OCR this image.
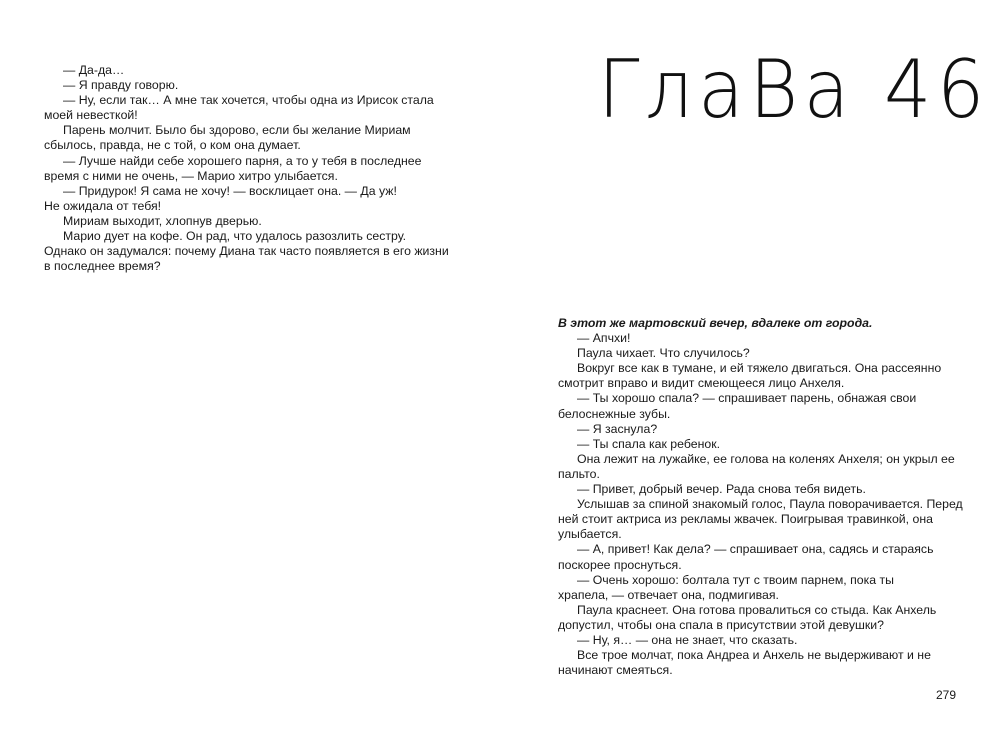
— Да-да…
— Я правду говорю.
— Ну, если так… А мне так хочется, чтобы одна из Ирисок стала
моей невесткой!
Парень молчит. Было бы здорово, если бы желание Мириам
сбылось, правда, не с той, о ком она думает.
— Лучше найди себе хорошего парня, а то у тебя в последнее
время с ними не очень, — Марио хитро улыбается.
— Придурок! Я сама не хочу! — восклицает она. — Да уж!
Не ожидала от тебя!
Мириам выходит, хлопнув дверью.
Марио дует на кофе. Он рад, что удалось разозлить сестру.
Однако он задумался: почему Диана так часто появляется в его жизни
в последнее время?
ГлаВа 46
В этот же мартовский вечер, вдалеке от города.
— Апчхи!
Паула чихает. Что случилось?
Вокруг все как в тумане, и ей тяжело двигаться. Она рассеянно
смотрит вправо и видит смеющееся лицо Анхеля.
— Ты хорошо спала? — спрашивает парень, обнажая свои
белоснежные зубы.
— Я заснула?
— Ты спала как ребенок.
Она лежит на лужайке, ее голова на коленях Анхеля; он укрыл ее
пальто.
— Привет, добрый вечер. Рада снова тебя видеть.
Услышав за спиной знакомый голос, Паула поворачивается. Перед
ней стоит актриса из рекламы жвачек. Поигрывая травинкой, она
улыбается.
— А, привет! Как дела? — спрашивает она, садясь и стараясь
поскорее проснуться.
— Очень хорошо: болтала тут с твоим парнем, пока ты
храпела, — отвечает она, подмигивая.
Паула краснеет. Она готова провалиться со стыда. Как Анхель
допустил, чтобы она спала в присутствии этой девушки?
— Ну, я… — она не знает, что сказать.
Все трое молчат, пока Андреа и Анхель не выдерживают и не
начинают смеяться.
279
